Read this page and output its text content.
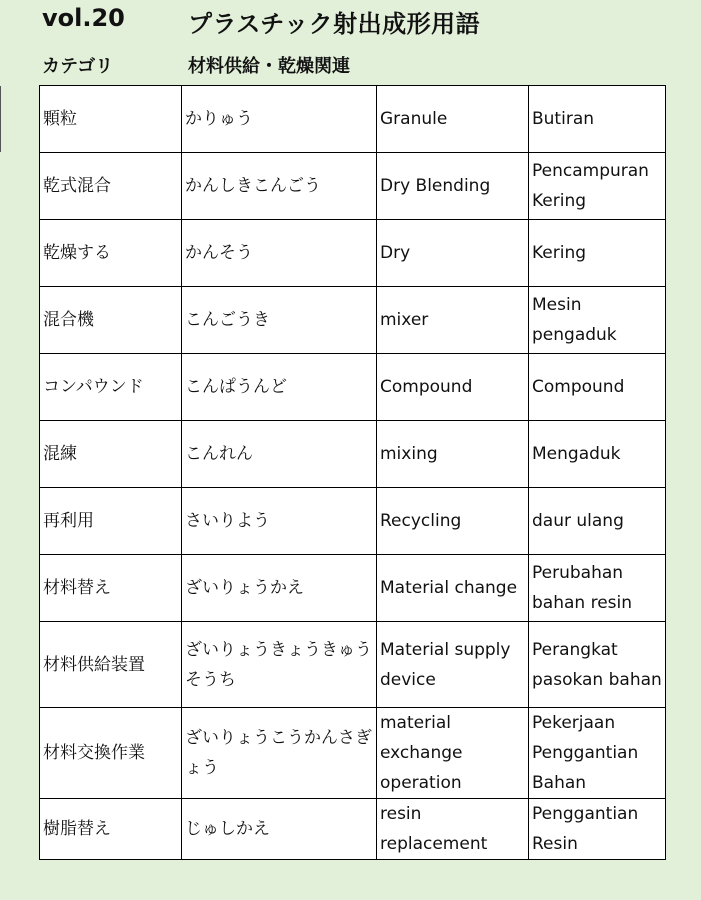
vol.20	プラスチック射出成形用語
カテゴリ	材料供給・乾燥関連
顆粒	かりゅう	Granule	Butiran
乾式混合	かんしきこんごう	Dry Blending	Pencampuran Kering
乾燥する	かんそう	Dry	Kering
混合機	こんごうき	mixer	Mesin pengaduk
コンパウンド	こんぱうんど	Compound	Compound
混練	こんれん	mixing	Mengaduk
再利用	さいりよう	Recycling	daur ulang
材料替え	ざいりょうかえ	Material change	Perubahan bahan resin
材料供給装置	ざいりょうきょうきゅうそうち	Material supply device	Perangkat pasokan bahan
材料交換作業	ざいりょうこうかんさぎょう	material exchange operation	Pekerjaan Penggantian Bahan
樹脂替え	じゅしかえ	resin replacement	Penggantian Resin
